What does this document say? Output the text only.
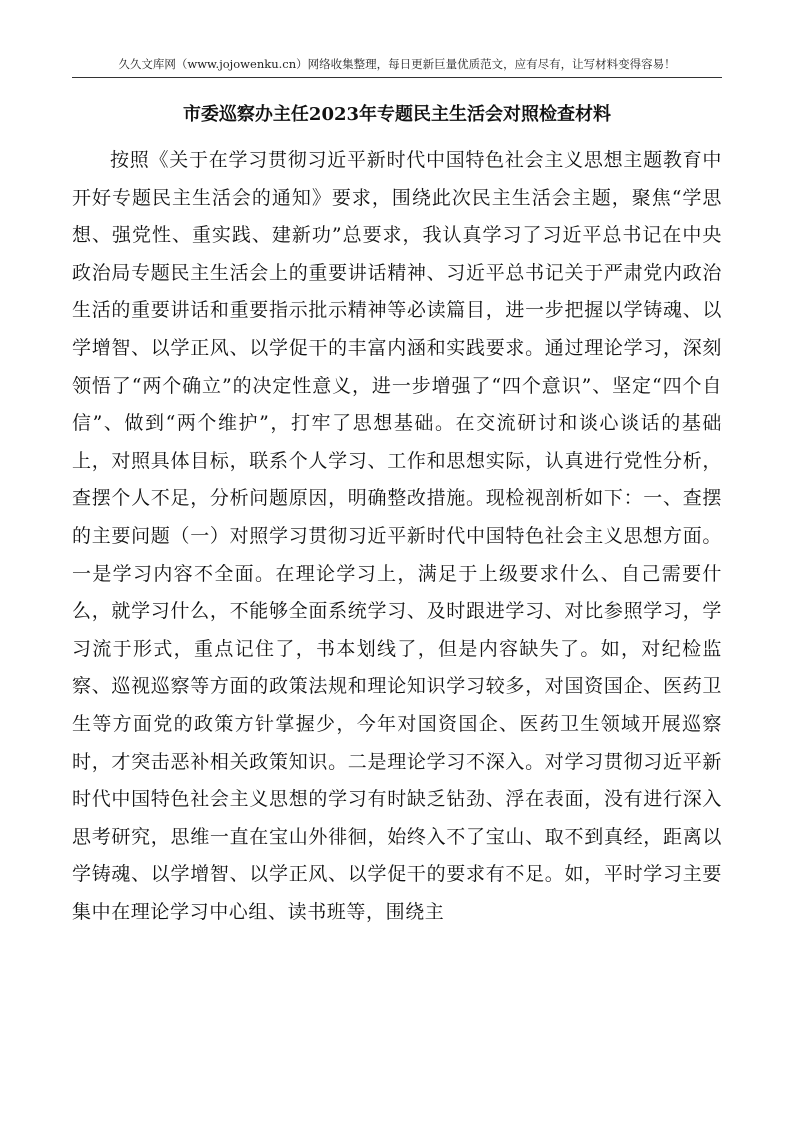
久久文库网（www.jojowenku.cn）网络收集整理，每日更新巨量优质范文，应有尽有，让写材料变得容易！
市委巡察办主任2023年专题民主生活会对照检查材料

按照《关于在学习贯彻习近平新时代中国特色社会主义思想主题教育中开好专题民主生活会的通知》要求，围绕此次民主生活会主题，聚焦“学思想、强党性、重实践、建新功”总要求，我认真学习了习近平总书记在中央政治局专题民主生活会上的重要讲话精神、习近平总书记关于严肃党内政治生活的重要讲话和重要指示批示精神等必读篇目，进一步把握以学铸魂、以学增智、以学正风、以学促干的丰富内涵和实践要求。通过理论学习，深刻领悟了“两个确立”的决定性意义，进一步增强了“四个意识”、坚定“四个自信”、做到“两个维护”，打牢了思想基础。在交流研讨和谈心谈话的基础上，对照具体目标，联系个人学习、工作和思想实际，认真进行党性分析，查摆个人不足，分析问题原因，明确整改措施。现检视剖析如下：一、查摆的主要问题（一）对照学习贯彻习近平新时代中国特色社会主义思想方面。一是学习内容不全面。在理论学习上，满足于上级要求什么、自己需要什么，就学习什么，不能够全面系统学习、及时跟进学习、对比参照学习，学习流于形式，重点记住了，书本划线了，但是内容缺失了。如，对纪检监察、巡视巡察等方面的政策法规和理论知识学习较多，对国资国企、医药卫生等方面党的政策方针掌握少，今年对国资国企、医药卫生领域开展巡察时，才突击恶补相关政策知识。二是理论学习不深入。对学习贯彻习近平新时代中国特色社会主义思想的学习有时缺乏钻劲、浮在表面，没有进行深入思考研究，思维一直在宝山外徘徊，始终入不了宝山、取不到真经，距离以学铸魂、以学增智、以学正风、以学促干的要求有不足。如，平时学习主要集中在理论学习中心组、读书班等，围绕主
